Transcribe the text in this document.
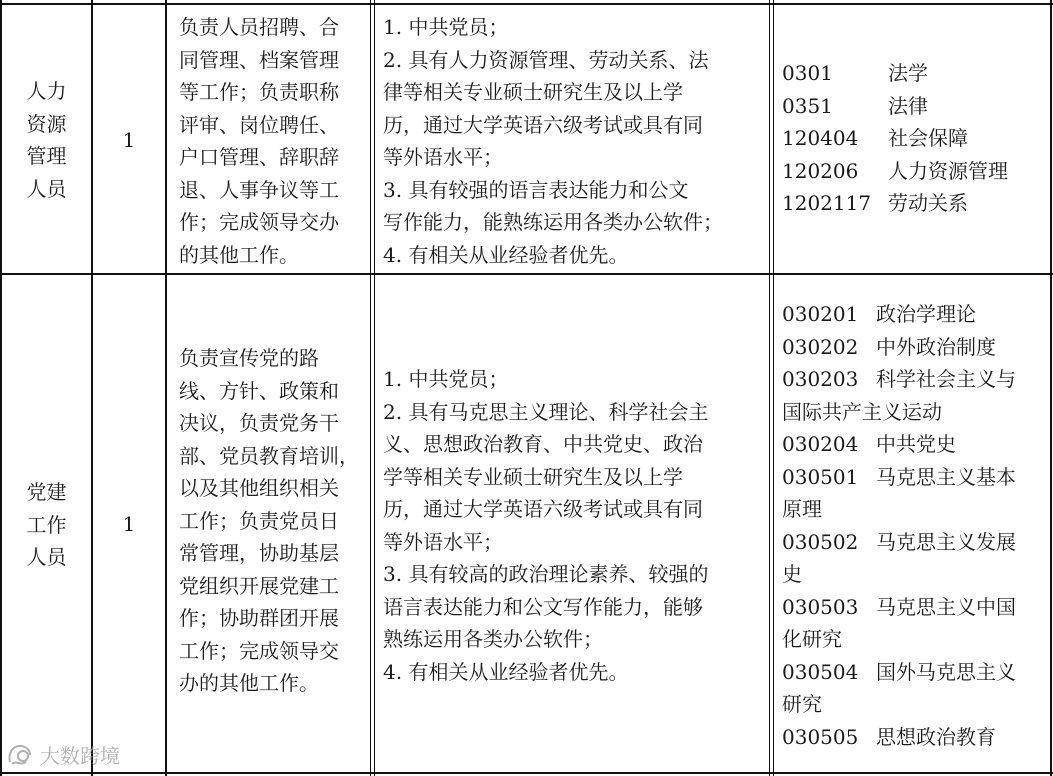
人力
资源
管理
人员
1
负责人员招聘、合
同管理、档案管理
等工作；负责职称
评审、岗位聘任、
户口管理、辞职辞
退、人事争议等工
作；完成领导交办
的其他工作。
1. 中共党员；
2. 具有人力资源管理、劳动关系、法
律等相关专业硕士研究生及以上学
历，通过大学英语六级考试或具有同
等外语水平；
3. 具有较强的语言表达能力和公文
写作能力，能熟练运用各类办公软件；
4. 有相关从业经验者优先。
0301	法学
0351	法律
120404 社会保障
120206 人力资源管理
1202117 劳动关系
党建
工作
人员
1
负责宣传党的路
线、方针、政策和
决议，负责党务干
部、党员教育培训，
以及其他组织相关
工作；负责党员日
常管理，协助基层
党组织开展党建工
作；协助群团开展
工作；完成领导交
办的其他工作。
1. 中共党员；
2. 具有马克思主义理论、科学社会主
义、思想政治教育、中共党史、政治
学等相关专业硕士研究生及以上学
历，通过大学英语六级考试或具有同
等外语水平；
3. 具有较高的政治理论素养、较强的
语言表达能力和公文写作能力，能够
熟练运用各类办公软件；
4. 有相关从业经验者优先。
030201 政治学理论
030202 中外政治制度
030203 科学社会主义与
国际共产主义运动
030204 中共党史
030501 马克思主义基本
原理
030502 马克思主义发展
史
030503 马克思主义中国
化研究
030504 国外马克思主义
研究
030505 思想政治教育
大数跨境
